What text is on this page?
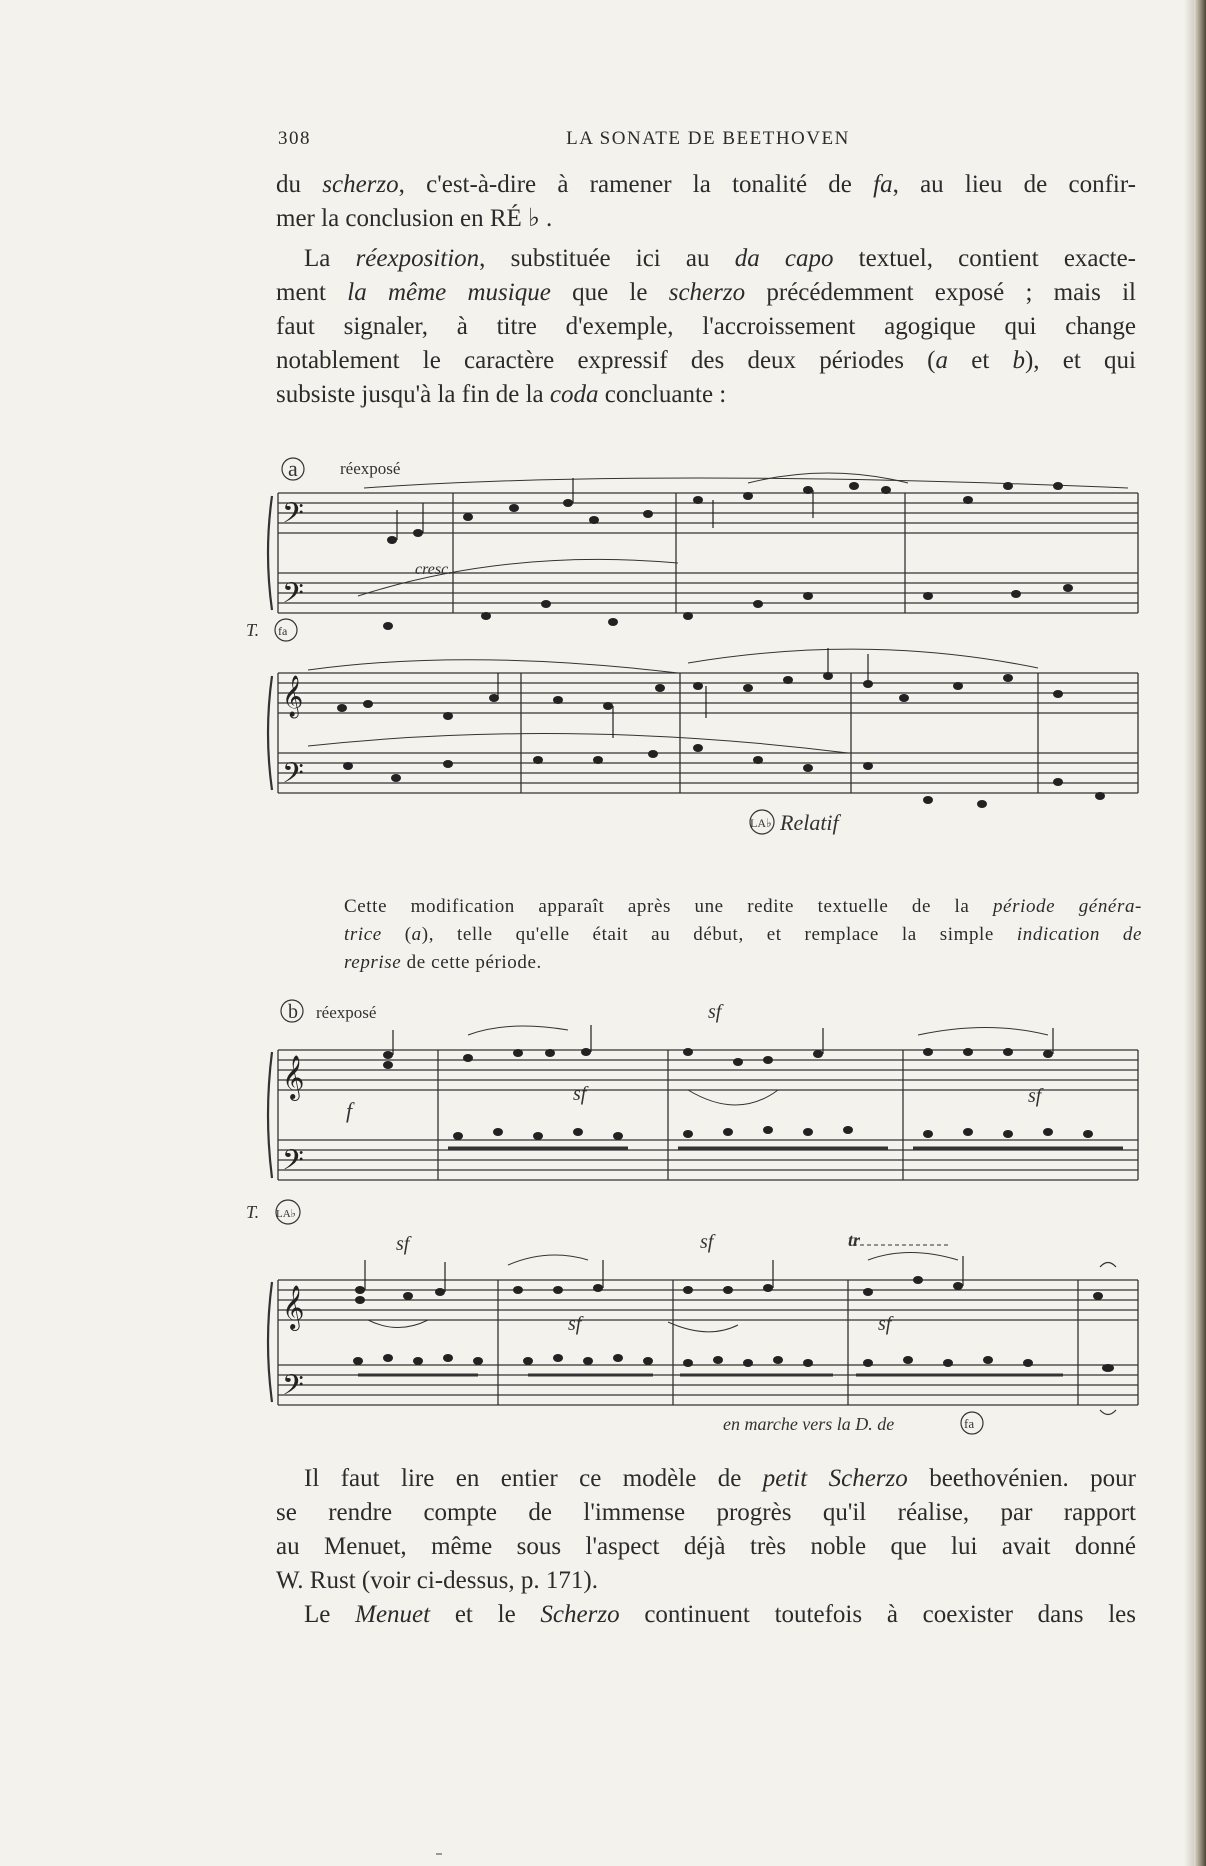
308	LA SONATE DE BEETHOVEN
du scherzo, c'est-à-dire à ramener la tonalité de fa, au lieu de confir-
mer la conclusion en RÉ ♭ .
La réexposition, substituée ici au da capo textuel, contient exacte-
ment la même musique que le scherzo précédemment exposé ; mais il
faut signaler, à titre d'exemple, l'accroissement agogique qui change
notablement le caractère expressif des deux périodes (a et b), et qui
subsiste jusqu'à la fin de la coda concluante :
𝄢
𝄢
𝄞
𝄢
a réexposé
cresc.
T. fa
LA♭ Relatif
Cette modification apparaît après une redite textuelle de la période généra-
trice (a), telle qu'elle était au début, et remplace la simple indication de
reprise de cette période.
𝄞
𝄢
𝄞
𝄢
b réexposé
f
sf
sf
sf
T. LA♭
sf
sf
sf	tr
sf
en marche vers la D. de	fa
Il faut lire en entier ce modèle de petit Scherzo beethovénien. pour
se rendre compte de l'immense progrès qu'il réalise, par rapport
au Menuet, même sous l'aspect déjà très noble que lui avait donné
W. Rust (voir ci-dessus, p. 171).
Le Menuet et le Scherzo continuent toutefois à coexister dans les
